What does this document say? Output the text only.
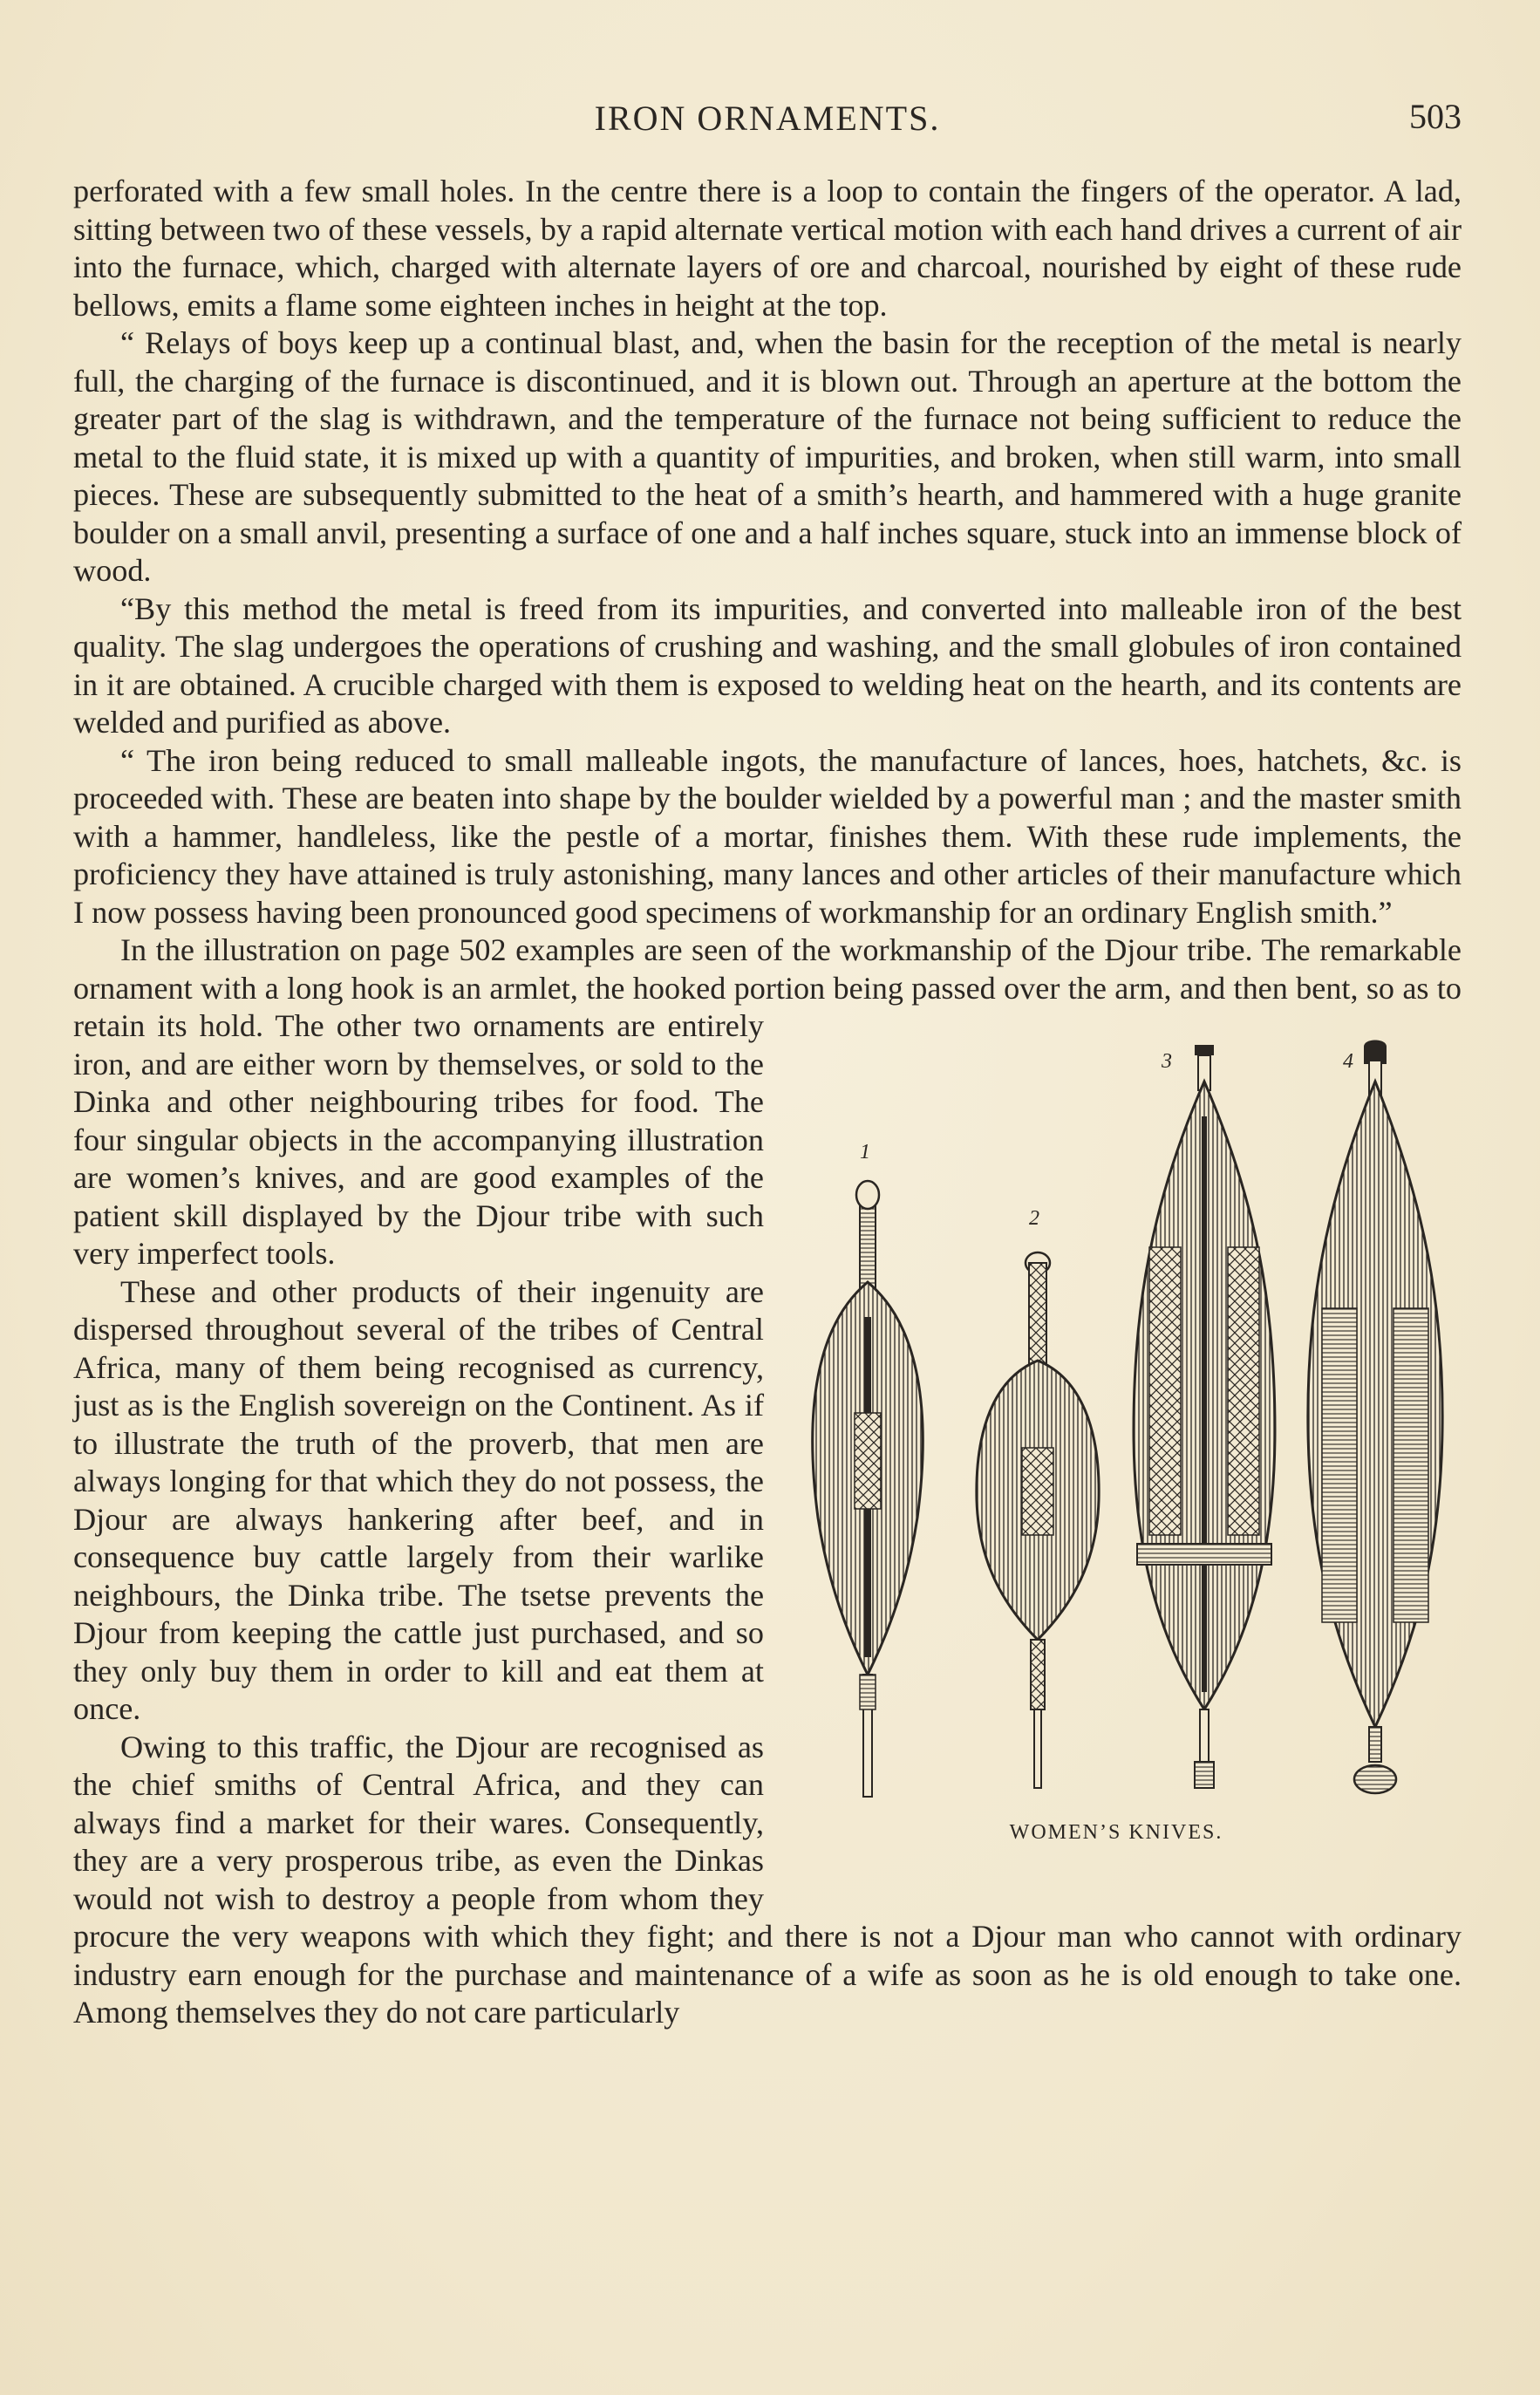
IRON ORNAMENTS.	503

perforated with a few small holes. In the centre there is a loop to contain the fingers of the operator. A lad, sitting between two of these vessels, by a rapid alternate vertical motion with each hand drives a current of air into the furnace, which, charged with alternate layers of ore and charcoal, nourished by eight of these rude bellows, emits a flame some eighteen inches in height at the top.

“ Relays of boys keep up a continual blast, and, when the basin for the reception of the metal is nearly full, the charging of the furnace is discontinued, and it is blown out. Through an aperture at the bottom the greater part of the slag is withdrawn, and the temperature of the furnace not being sufficient to reduce the metal to the fluid state, it is mixed up with a quantity of impurities, and broken, when still warm, into small pieces. These are subsequently submitted to the heat of a smith’s hearth, and hammered with a huge granite boulder on a small anvil, presenting a surface of one and a half inches square, stuck into an immense block of wood.

“By this method the metal is freed from its impurities, and converted into malleable iron of the best quality. The slag undergoes the operations of crushing and washing, and the small globules of iron contained in it are obtained. A crucible charged with them is exposed to welding heat on the hearth, and its contents are welded and purified as above.

“ The iron being reduced to small malleable ingots, the manufacture of lances, hoes, hatchets, &c. is proceeded with. These are beaten into shape by the boulder wielded by a powerful man ; and the master smith with a hammer, handleless, like the pestle of a mortar, finishes them. With these rude implements, the proficiency they have attained is truly astonishing, many lances and other articles of their manufacture which I now possess having been pronounced good specimens of workmanship for an ordinary English smith.”

In the illustration on page 502 examples are seen of the workmanship of the Djour tribe. The remarkable ornament with a long hook is an armlet, the hooked portion being passed over the arm, and then bent, so as to retain its hold. The other two ornaments are entirely iron, and are either worn by themselves, or sold to the Dinka and other neighbouring tribes for food. The four singular objects in the accompanying illustration are women’s knives, and are good examples of the patient skill displayed by the Djour tribe with such very imperfect tools.

These and other products of their ingenuity are dispersed throughout several of the tribes of Central Africa, many of them being recognised as currency, just as is the English sovereign on the Continent. As if to illustrate the truth of the proverb, that men are always longing for that which they do not possess, the Djour are always hankering after beef, and in consequence buy cattle largely from their warlike neighbours, the Dinka tribe. The tsetse prevents the Djour from keeping the cattle just purchased, and so they only buy them in order to kill and eat them at once.

Owing to this traffic, the Djour are recognised as the chief smiths of Central Africa, and they can always find a market for their wares. Consequently, they are a very prosperous tribe, as even the Dinkas would not wish to destroy a people from whom they procure the very weapons with which they fight; and there is not a Djour man who cannot with ordinary industry earn enough for the purchase and maintenance of a wife as soon as he is old enough to take one. Among themselves they do not care particularly

1
2
3	4
WOMEN’S KNIVES.
